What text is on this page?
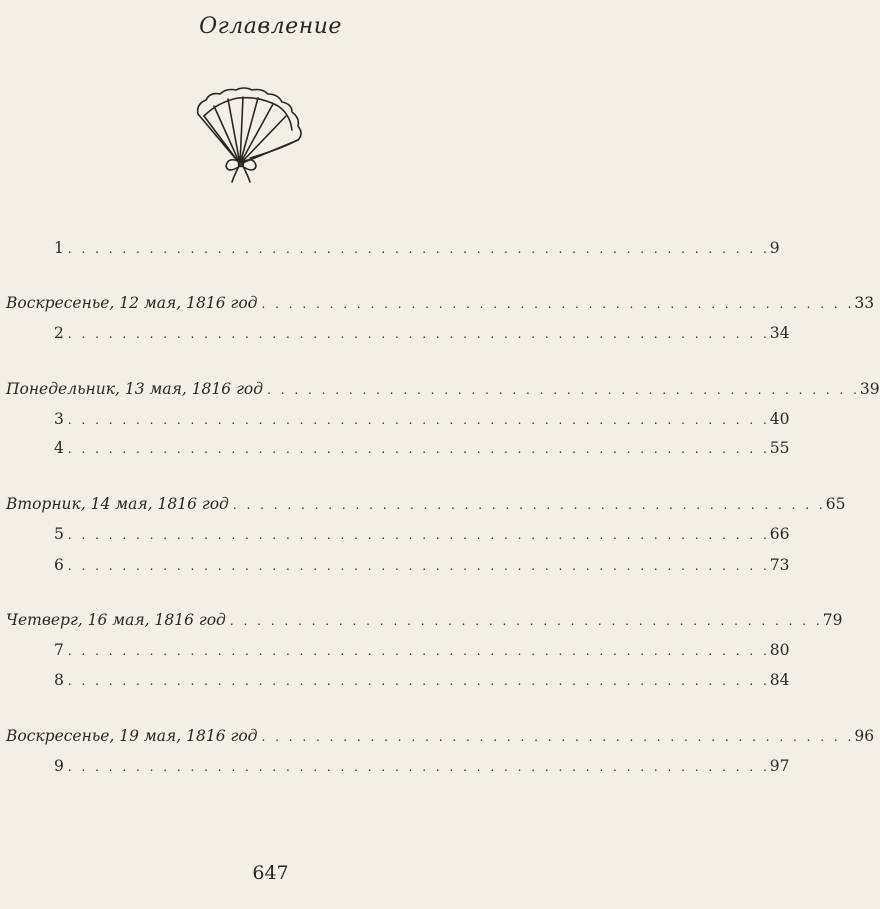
Оглавление
1 . . . . . . . . . . . . . . . . . . . . . . . . . . . . . . . . . . . . . . . . . . . . . . . . . . . . 9
Воскресенье, 12 мая, 1816 год . . . . . . . . . . . . . . . . . . . . . . . . . . . . . . . . . . . . . . . . . . . . 33
2 . . . . . . . . . . . . . . . . . . . . . . . . . . . . . . . . . . . . . . . . . . . . . . . . . . . . 34
Понедельник, 13 мая, 1816 год . . . . . . . . . . . . . . . . . . . . . . . . . . . . . . . . . . . . . . . . . . . . 39
3 . . . . . . . . . . . . . . . . . . . . . . . . . . . . . . . . . . . . . . . . . . . . . . . . . . . . 40
4 . . . . . . . . . . . . . . . . . . . . . . . . . . . . . . . . . . . . . . . . . . . . . . . . . . . . 55
Вторник, 14 мая, 1816 год . . . . . . . . . . . . . . . . . . . . . . . . . . . . . . . . . . . . . . . . . . . . 65
5 . . . . . . . . . . . . . . . . . . . . . . . . . . . . . . . . . . . . . . . . . . . . . . . . . . . . 66
6 . . . . . . . . . . . . . . . . . . . . . . . . . . . . . . . . . . . . . . . . . . . . . . . . . . . . 73
Четверг, 16 мая, 1816 год . . . . . . . . . . . . . . . . . . . . . . . . . . . . . . . . . . . . . . . . . . . . 79
7 . . . . . . . . . . . . . . . . . . . . . . . . . . . . . . . . . . . . . . . . . . . . . . . . . . . . 80
8 . . . . . . . . . . . . . . . . . . . . . . . . . . . . . . . . . . . . . . . . . . . . . . . . . . . . 84
Воскресенье, 19 мая, 1816 год . . . . . . . . . . . . . . . . . . . . . . . . . . . . . . . . . . . . . . . . . . . . 96
9 . . . . . . . . . . . . . . . . . . . . . . . . . . . . . . . . . . . . . . . . . . . . . . . . . . . . 97
647
